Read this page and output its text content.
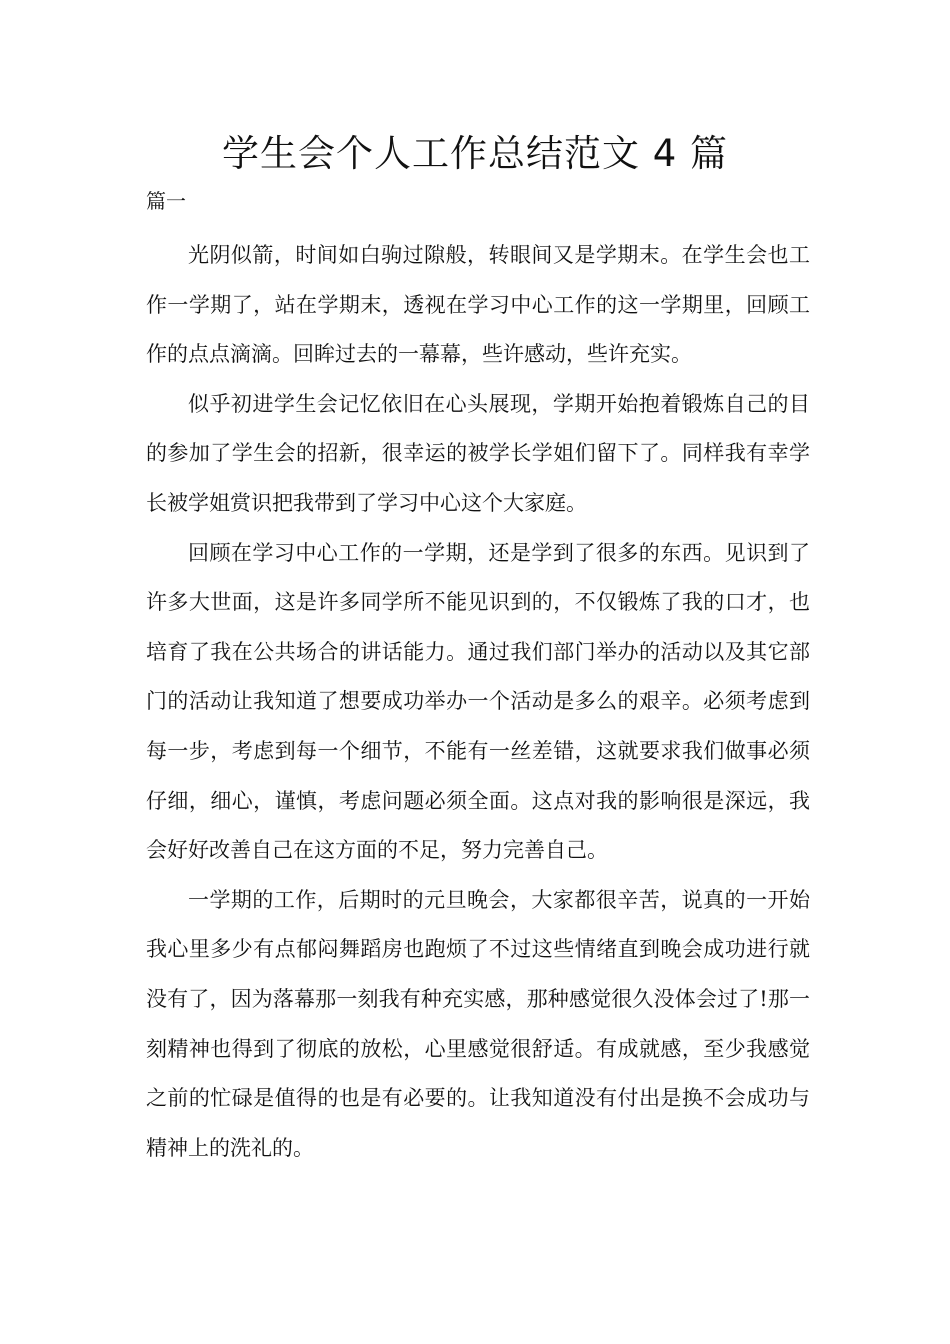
学生会个人工作总结范文 4 篇
篇一

光阴似箭，时间如白驹过隙般，转眼间又是学期末。在学生会也工作一学期了，站在学期末，透视在学习中心工作的这一学期里，回顾工作的点点滴滴。回眸过去的一幕幕，些许感动，些许充实。

似乎初进学生会记忆依旧在心头展现，学期开始抱着锻炼自己的目的参加了学生会的招新，很幸运的被学长学姐们留下了。同样我有幸学长被学姐赏识把我带到了学习中心这个大家庭。

回顾在学习中心工作的一学期，还是学到了很多的东西。见识到了许多大世面，这是许多同学所不能见识到的，不仅锻炼了我的口才，也培育了我在公共场合的讲话能力。通过我们部门举办的活动以及其它部门的活动让我知道了想要成功举办一个活动是多么的艰辛。必须考虑到每一步，考虑到每一个细节，不能有一丝差错，这就要求我们做事必须仔细，细心，谨慎，考虑问题必须全面。这点对我的影响很是深远，我会好好改善自己在这方面的不足，努力完善自己。

一学期的工作，后期时的元旦晚会，大家都很辛苦，说真的一开始我心里多少有点郁闷舞蹈房也跑烦了不过这些情绪直到晚会成功进行就没有了，因为落幕那一刻我有种充实感，那种感觉很久没体会过了!那一刻精神也得到了彻底的放松，心里感觉很舒适。有成就感，至少我感觉之前的忙碌是值得的也是有必要的。让我知道没有付出是换不会成功与精神上的洗礼的。
